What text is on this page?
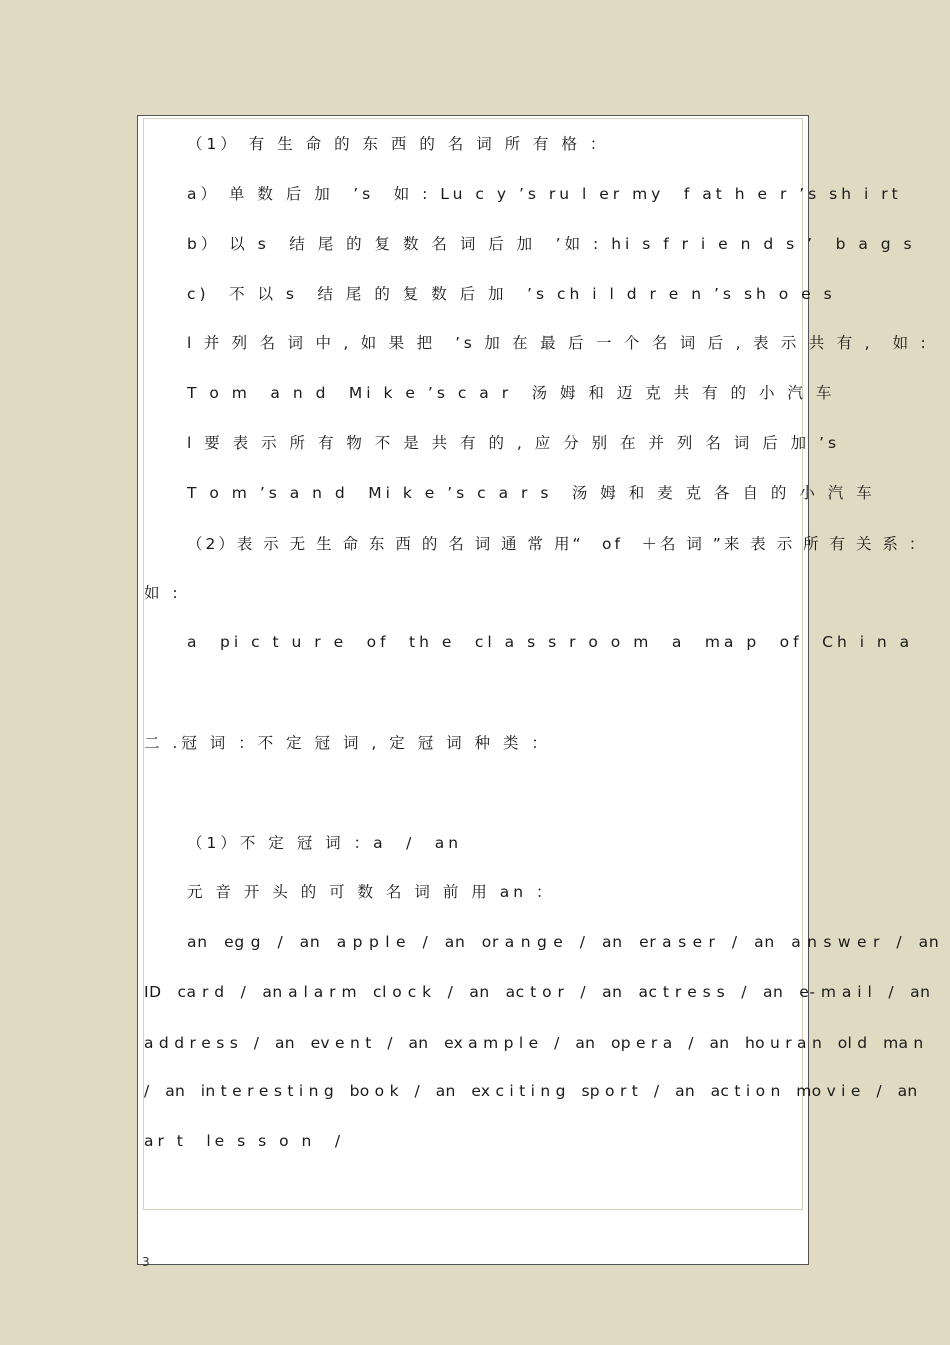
（1） 有 生 命 的 东 西 的 名 词 所 有 格 ：
a） 单 数 后 加　’s　如 : Lu c y ’s ru l er my　f at h e r ’s sh i rt
b） 以 s　结 尾 的 复 数 名 词 后 加　’如 : hi s f r i e n d s ’　b a g s
c)　不 以 s　结 尾 的 复 数 后 加　’s ch i l d r e n ’s sh o e s
l 并 列 名 词 中 , 如 果 把　’s 加 在 最 后 一 个 名 词 后 , 表 示 共 有 ,　如 :
T o m　a n d　Mi k e ’s c a r　汤 姆 和 迈 克 共 有 的 小 汽 车
l 要 表 示 所 有 物 不 是 共 有 的 , 应 分 别 在 并 列 名 词 后 加 ’s
T o m ’s a n d　Mi k e ’s c a r s　汤 姆 和 麦 克 各 自 的 小 汽 车
（2）表 示 无 生 命 东 西 的 名 词 通 常 用“　of　＋名 词 ”来 表 示 所 有 关 系 ：
如 :
a　pi c t u r e　of　th e　cl a s s r o o m　a　ma p　of　Ch i n a
二 .冠 词 ：不 定 冠 词 , 定 冠 词 种 类 ：
（1）不 定 冠 词 ：a　/　an
元 音 开 头 的 可 数 名 词 前 用 an ：
an　eg g　/　an　a p p l e　/　an　or a n g e　/　an　er a s e r　/　an　a n s w e r　/　an
ID　ca r d　/　an a l a r m　cl o c k　/　an　ac t o r　/　an　ac t r e s s　/　an　e- m a i l　/　an
a d d r e s s　/　an　ev e n t　/　an　ex a m p l e　/　an　op e r a　/　an　ho u r a n　ol d　ma n
/　an　in t e r e s t i n g　bo o k　/　an　ex c i t i n g　sp o r t　/　an　ac t i o n　mo v i e　/　an
ar t　le s s o n　/
3
